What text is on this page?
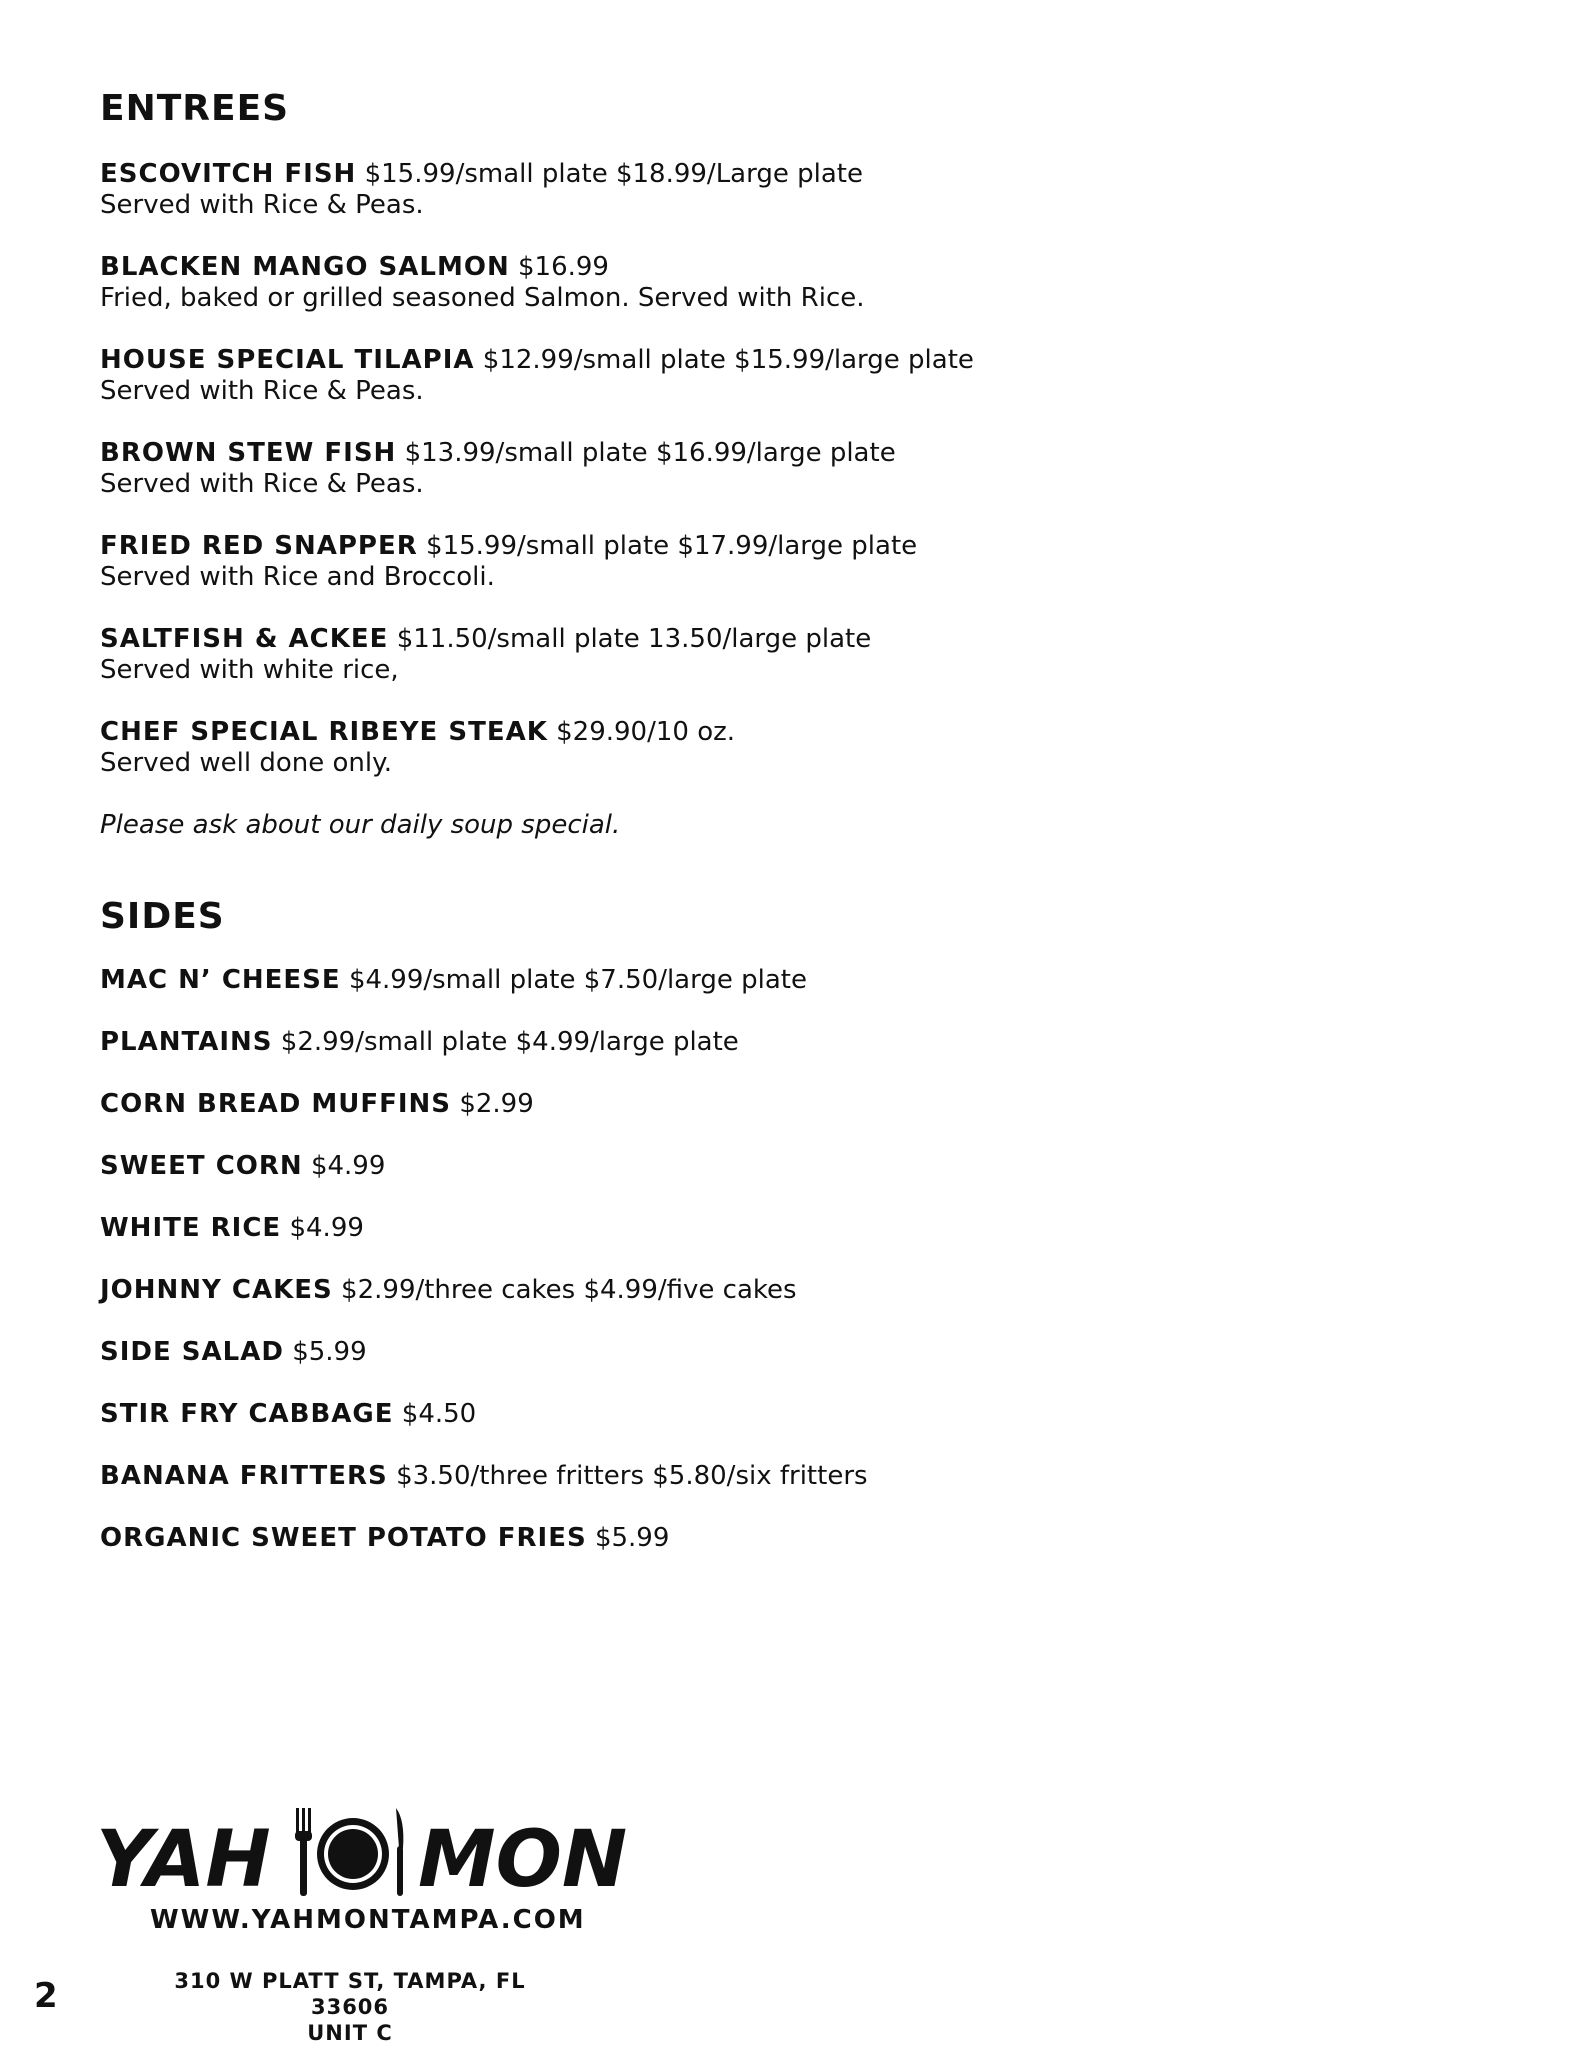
ENTREES
ESCOVITCH FISH $15.99/small plate $18.99/Large plate
Served with Rice & Peas.
BLACKEN MANGO SALMON $16.99
Fried, baked or grilled seasoned Salmon. Served with Rice.
HOUSE SPECIAL TILAPIA $12.99/small plate $15.99/large plate
Served with Rice & Peas.
BROWN STEW FISH $13.99/small plate $16.99/large plate
Served with Rice & Peas.
FRIED RED SNAPPER $15.99/small plate $17.99/large plate
Served with Rice and Broccoli.
SALTFISH & ACKEE $11.50/small plate 13.50/large plate
Served with white rice,
CHEF SPECIAL RIBEYE STEAK $29.90/10 oz.
Served well done only.
Please ask about our daily soup special.
SIDES
MAC N’ CHEESE $4.99/small plate $7.50/large plate
PLANTAINS $2.99/small plate $4.99/large plate
CORN BREAD MUFFINS $2.99
SWEET CORN $4.99
WHITE RICE $4.99
JOHNNY CAKES $2.99/three cakes $4.99/five cakes
SIDE SALAD $5.99
STIR FRY CABBAGE $4.50
BANANA FRITTERS $3.50/three fritters $5.80/six fritters
ORGANIC SWEET POTATO FRIES $5.99
YAH MON
WWW.YAHMONTAMPA.COM
310 W PLATT ST, TAMPA, FL 33606
UNIT C
2
